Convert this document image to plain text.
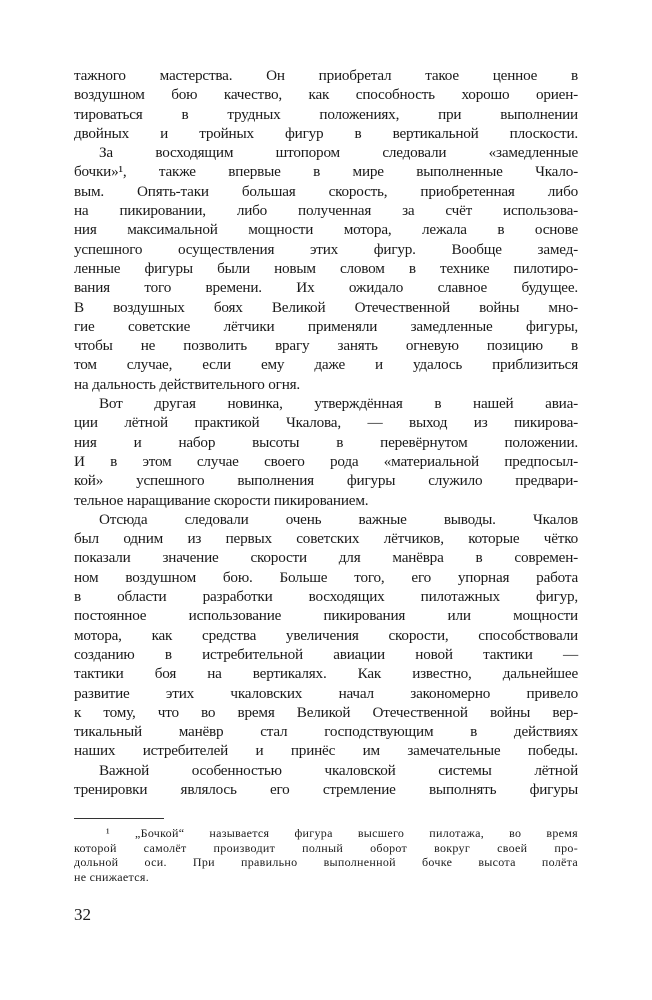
тажного мастерства. Он приобретал такое ценное в
воздушном бою качество, как способность хорошо ориен-
тироваться в трудных положениях, при выполнении
двойных и тройных фигур в вертикальной плоскости.
За восходящим штопором следовали «замедленные
бочки»¹, также впервые в мире выполненные Чкало-
вым. Опять-таки большая скорость, приобретенная либо
на пикировании, либо полученная за счёт использова-
ния максимальной мощности мотора, лежала в основе
успешного осуществления этих фигур. Вообще замед-
ленные фигуры были новым словом в технике пилотиро-
вания того времени. Их ожидало славное будущее.
В воздушных боях Великой Отечественной войны мно-
гие советские лётчики применяли замедленные фигуры,
чтобы не позволить врагу занять огневую позицию в
том случае, если ему даже и удалось приблизиться
на дальность действительного огня.
Вот другая новинка, утверждённая в нашей авиа-
ции лётной практикой Чкалова, — выход из пикирова-
ния и набор высоты в перевёрнутом положении.
И в этом случае своего рода «материальной предпосыл-
кой» успешного выполнения фигуры служило предвари-
тельное наращивание скорости пикированием.
Отсюда следовали очень важные выводы. Чкалов
был одним из первых советских лётчиков, которые чётко
показали значение скорости для манёвра в современ-
ном воздушном бою. Больше того, его упорная работа
в области разработки восходящих пилотажных фигур,
постоянное использование пикирования или мощности
мотора, как средства увеличения скорости, способствовали
созданию в истребительной авиации новой тактики —
тактики боя на вертикалях. Как известно, дальнейшее
развитие этих чкаловских начал закономерно привело
к тому, что во время Великой Отечественной войны вер-
тикальный манёвр стал господствующим в действиях
наших истребителей и принёс им замечательные победы.
Важной особенностью чкаловской системы лётной
тренировки являлось его стремление выполнять фигуры
¹ „Бочкой“ называется фигура высшего пилотажа, во время
которой самолёт производит полный оборот вокруг своей про-
дольной оси. При правильно выполненной бочке высота полёта
не снижается.
32
